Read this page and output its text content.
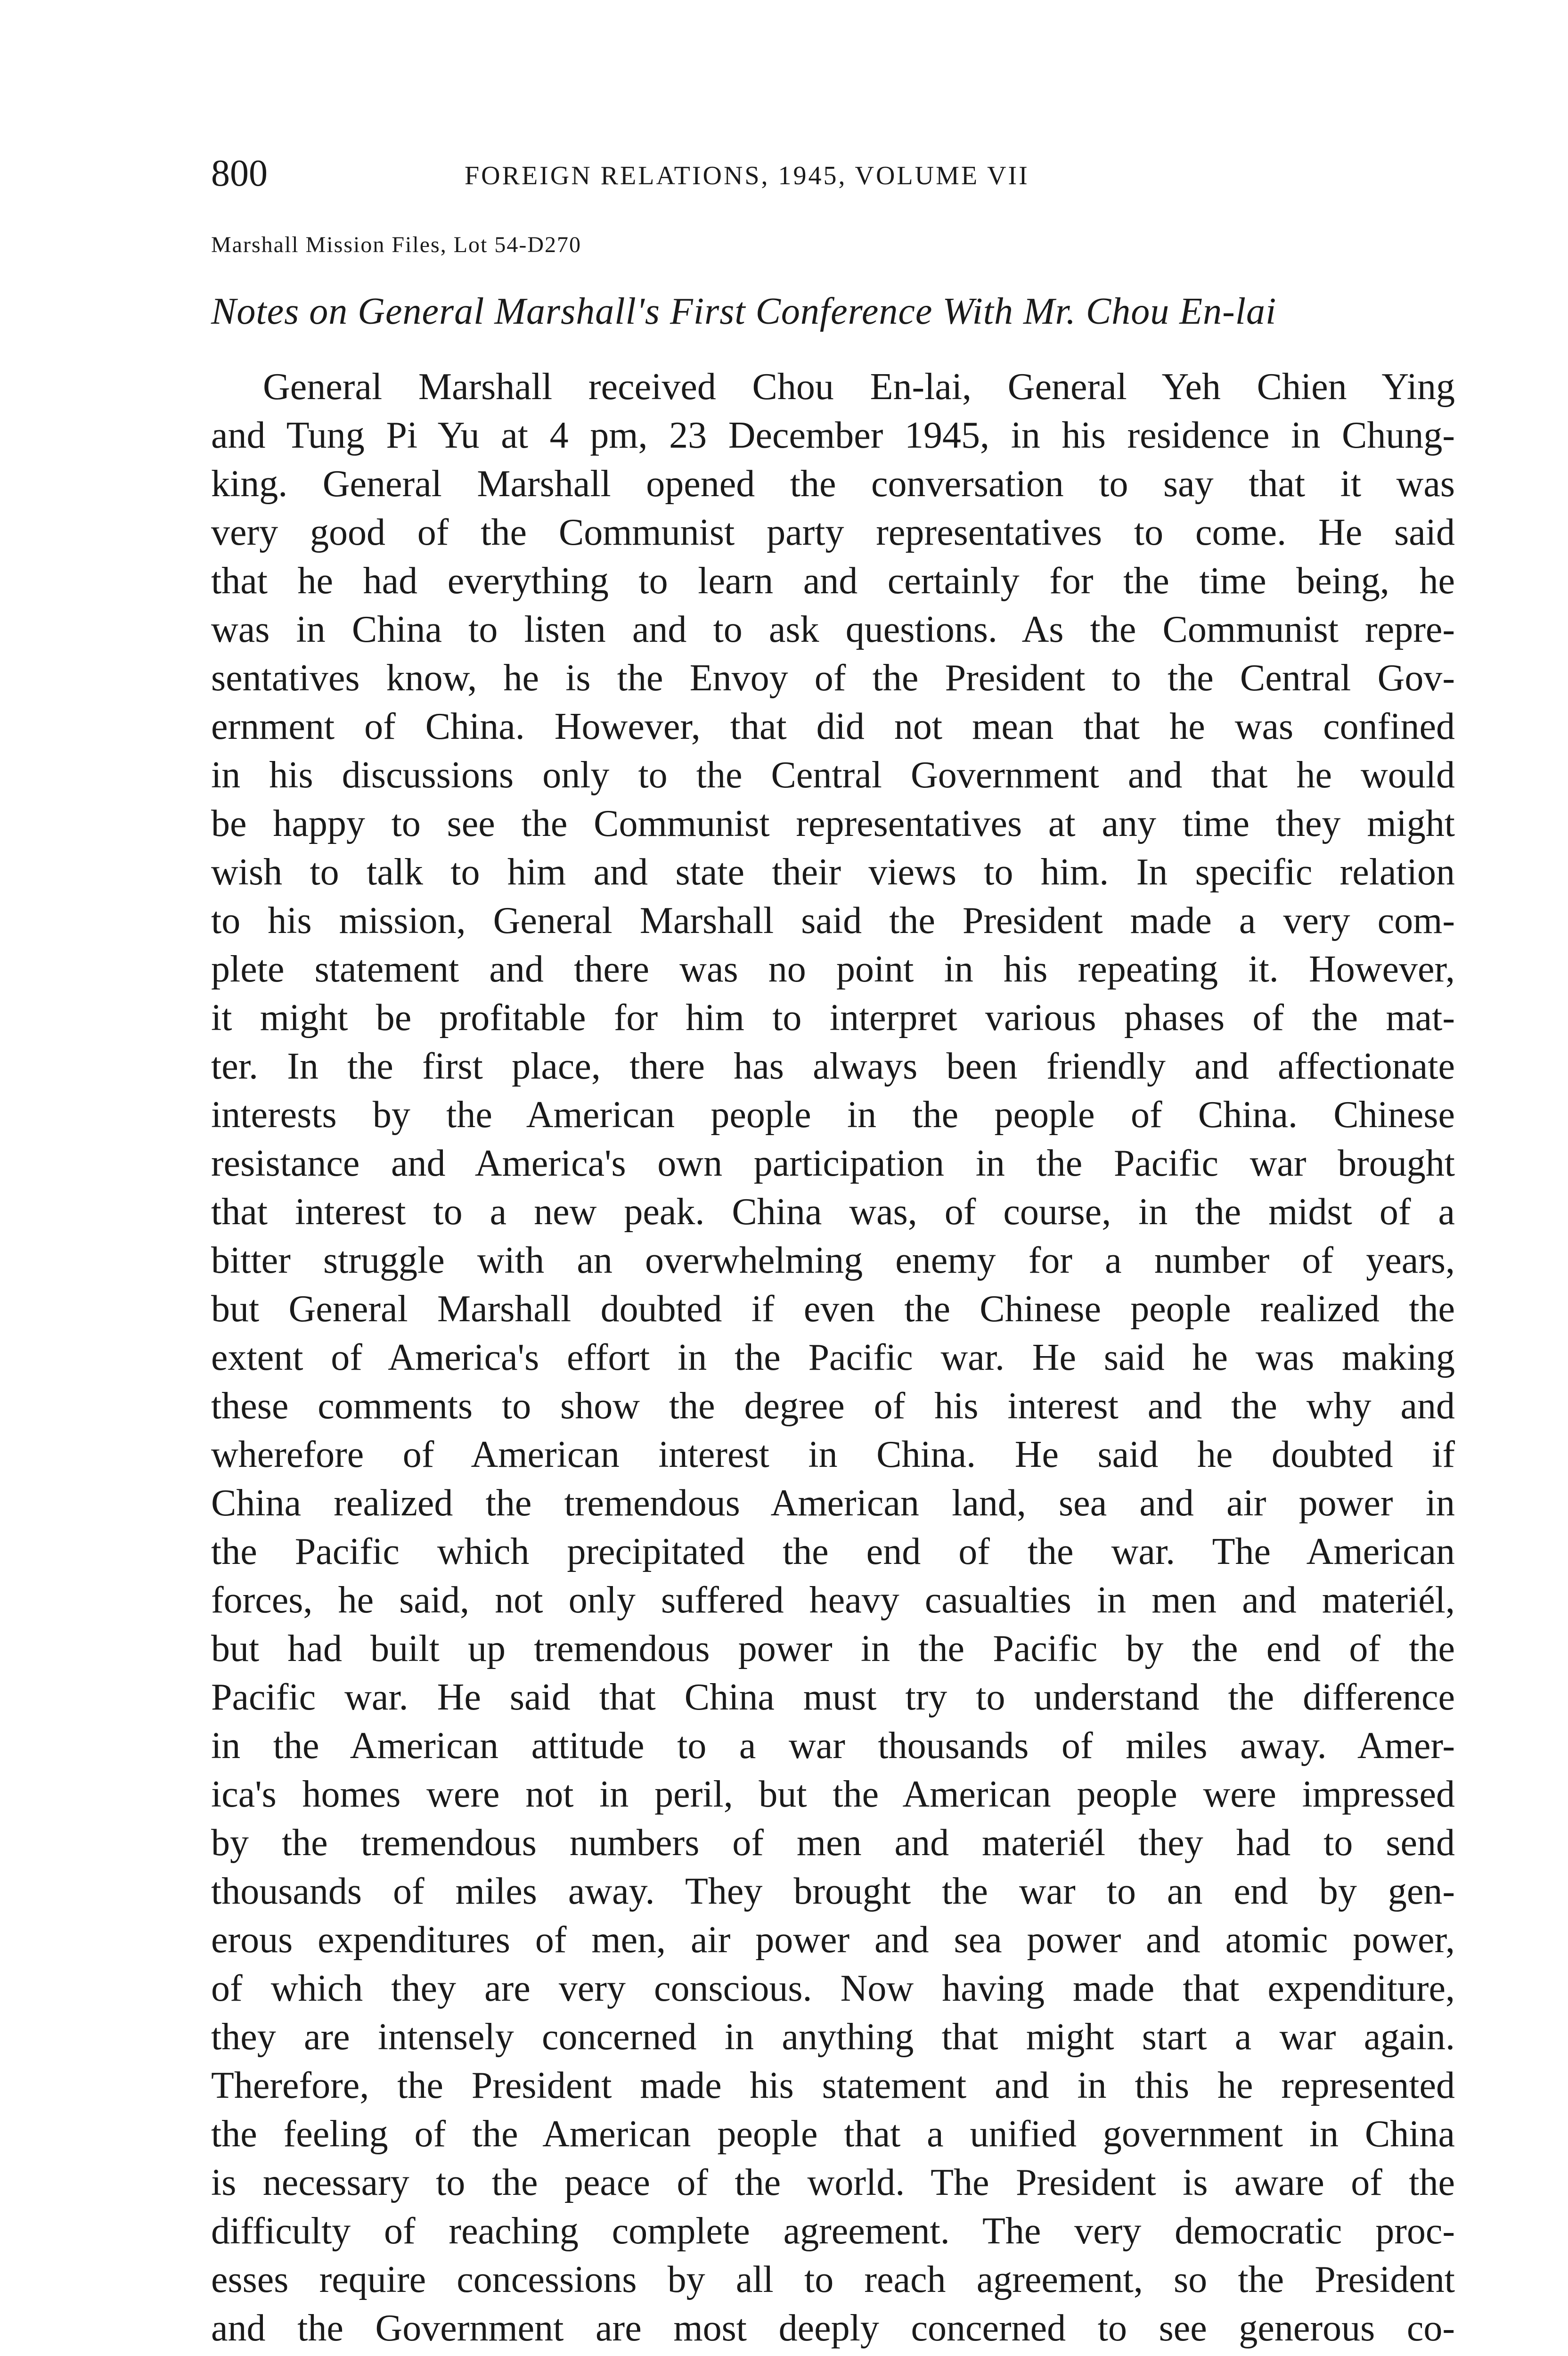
800	FOREIGN RELATIONS, 1945, VOLUME VII
Marshall Mission Files, Lot 54-D270
Notes on General Marshall's First Conference With Mr. Chou En-lai
General Marshall received Chou En-lai, General Yeh Chien Ying
and Tung Pi Yu at 4 pm, 23 December 1945, in his residence in Chung-
king. General Marshall opened the conversation to say that it was
very good of the Communist party representatives to come. He said
that he had everything to learn and certainly for the time being, he
was in China to listen and to ask questions. As the Communist repre-
sentatives know, he is the Envoy of the President to the Central Gov-
ernment of China. However, that did not mean that he was confined
in his discussions only to the Central Government and that he would
be happy to see the Communist representatives at any time they might
wish to talk to him and state their views to him. In specific relation
to his mission, General Marshall said the President made a very com-
plete statement and there was no point in his repeating it. However,
it might be profitable for him to interpret various phases of the mat-
ter. In the first place, there has always been friendly and affectionate
interests by the American people in the people of China. Chinese
resistance and America's own participation in the Pacific war brought
that interest to a new peak. China was, of course, in the midst of a
bitter struggle with an overwhelming enemy for a number of years,
but General Marshall doubted if even the Chinese people realized the
extent of America's effort in the Pacific war. He said he was making
these comments to show the degree of his interest and the why and
wherefore of American interest in China. He said he doubted if
China realized the tremendous American land, sea and air power in
the Pacific which precipitated the end of the war. The American
forces, he said, not only suffered heavy casualties in men and materiél,
but had built up tremendous power in the Pacific by the end of the
Pacific war. He said that China must try to understand the difference
in the American attitude to a war thousands of miles away. Amer-
ica's homes were not in peril, but the American people were impressed
by the tremendous numbers of men and materiél they had to send
thousands of miles away. They brought the war to an end by gen-
erous expenditures of men, air power and sea power and atomic power,
of which they are very conscious. Now having made that expenditure,
they are intensely concerned in anything that might start a war again.
Therefore, the President made his statement and in this he represented
the feeling of the American people that a unified government in China
is necessary to the peace of the world. The President is aware of the
difficulty of reaching complete agreement. The very democratic proc-
esses require concessions by all to reach agreement, so the President
and the Government are most deeply concerned to see generous co-
